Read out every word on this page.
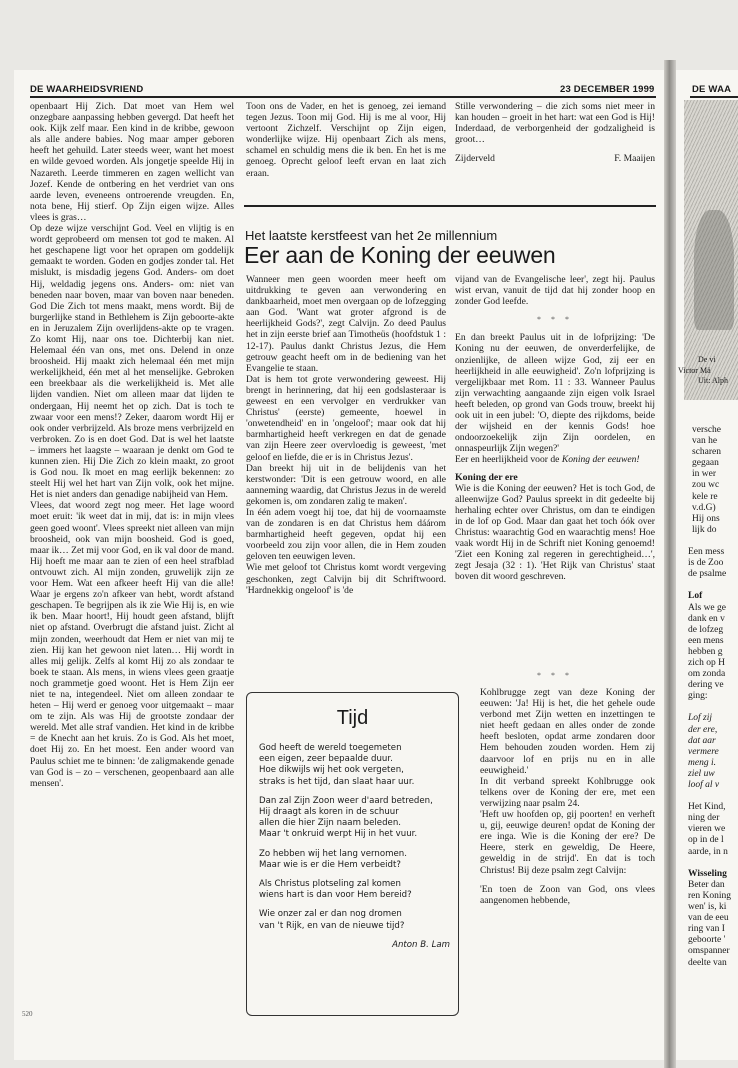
DE WAARHEIDSVRIEND	23 DECEMBER 1999	DE WAA

openbaart Hij Zich. Dat moet van Hem wel onzegbare aanpassing hebben gevergd. Dat heeft het ook. Kijk zelf maar. Een kind in de kribbe, gewoon als alle andere babies. Nog maar amper geboren heeft het gehuild. Later steeds weer, want het moest en wilde gevoed worden. Als jongetje speelde Hij in Nazareth. Leerde timmeren en zagen wellicht van Jozef. Kende de ontbering en het verdriet van ons aarde leven, eveneens ontroerende vreugden. En, nota bene, Hij stierf. Op Zijn eigen wijze. Alles vlees is gras…

Op deze wijze verschijnt God. Veel en vlijtig is en wordt geprobeerd om mensen tot god te maken. Al het geschapene ligt voor het oprapen om goddelijk gemaakt te worden. Goden en godjes zonder tal. Het mislukt, is misdadig jegens God. Anders- om doet Hij, weldadig jegens ons. Anders- om: niet van beneden naar boven, maar van boven naar beneden. God Die Zich tot mens maakt, mens wordt. Bij de burgerlijke stand in Bethlehem is Zijn geboorte-akte en in Jeruzalem Zijn overlijdens-akte op te vragen. Zo komt Hij, naar ons toe. Dichterbij kan niet. Helemaal één van ons, met ons. Delend in onze broosheid. Hij maakt zich helemaal één met mijn werkelijkheid, één met al het menselijke. Gebroken een breekbaar als die werkelijkheid is. Met alle lijden vandien. Niet om alleen maar dat lijden te ondergaan, Hij neemt het op zich. Dat is toch te zwaar voor een mens!? Zeker, daarom wordt Hij er ook onder verbrijzeld. Als broze mens verbrijzeld en verbroken. Zo is en doet God. Dat is wel het laatste – immers het laagste – waaraan je denkt om God te kunnen zien. Hij Die Zich zo klein maakt, zo groot is God nou. Ik moet en mag eerlijk bekennen: zo steelt Hij wel het hart van Zijn volk, ook het mijne. Het is niet anders dan genadige nabijheid van Hem.

Vlees, dat woord zegt nog meer. Het lage woord moet eruit: 'ik weet dat in mij, dat is: in mijn vlees geen goed woont'. Vlees spreekt niet alleen van mijn broosheid, ook van mijn boosheid. God is goed, maar ik… Zet mij voor God, en ik val door de mand. Hij hoeft me maar aan te zien of een heel strafblad ontvouwt zich. Al mijn zonden, gruwelijk zijn ze voor Hem. Wat een afkeer heeft Hij van die alle! Waar je ergens zo'n afkeer van hebt, wordt afstand geschapen. Te begrijpen als ik zie Wie Hij is, en wie ik ben. Maar hoort!, Hij houdt geen afstand, blijft niet op afstand. Overbrugt die afstand juist. Zicht al mijn zonden, weerhoudt dat Hem er niet van mij te zien. Hij kan het gewoon niet laten… Hij wordt in alles mij gelijk. Zelfs al komt Hij zo als zondaar te boek te staan. Als mens, in wiens vlees geen graatje noch grammetje goed woont. Het is Hem Zijn eer niet te na, integendeel. Niet om alleen zondaar te heten – Hij werd er genoeg voor uitgemaakt – maar om te zijn. Als was Hij de grootste zondaar der wereld. Met alle straf vandien. Het kind in de kribbe = de Knecht aan het kruis. Zo is God. Als het moet, doet Hij zo. En het moest. Een ander woord van Paulus schiet me te binnen: 'de zaligmakende genade van God is – zo – verschenen, geopenbaard aan alle mensen'.

Toon ons de Vader, en het is genoeg, zei iemand tegen Jezus. Toon mij God. Hij is me al voor, Hij vertoont Zichzelf. Verschijnt op Zijn eigen, wonderlijke wijze. Hij openbaart Zich als mens, schamel en schuldig mens die ik ben. En het is me genoeg. Oprecht geloof leeft ervan en laat zich eraan.

Stille verwondering – die zich soms niet meer in kan houden – groeit in het hart: wat een God is Hij! Inderdaad, de verborgenheid der godzaligheid is groot…

Zijderveld	F. Maaijen
Het laatste kerstfeest van het 2e millennium
Eer aan de Koning der eeuwen

Wanneer men geen woorden meer heeft om uitdrukking te geven aan verwondering en dankbaarheid, moet men overgaan op de lofzegging aan God. 'Want wat groter afgrond is de heerlijkheid Gods?', zegt Calvijn. Zo deed Paulus het in zijn eerste brief aan Timotheüs (hoofdstuk 1 : 12-17). Paulus dankt Christus Jezus, die Hem getrouw geacht heeft om in de bediening van het Evangelie te staan.

Dat is hem tot grote verwondering geweest. Hij brengt in herinnering, dat hij een godslasteraar is geweest en een vervolger en verdrukker van Christus' (eerste) gemeente, hoewel in 'onwetendheid' en in 'ongeloof'; maar ook dat hij barmhartigheid heeft verkregen en dat de genade van zijn Heere zeer overvloedig is geweest, 'met geloof en liefde, die er is in Christus Jezus'.

Dan breekt hij uit in de belijdenis van het kerstwonder: 'Dit is een getrouw woord, en alle aanneming waardig, dat Christus Jezus in de wereld gekomen is, om zondaren zalig te maken'.

In één adem voegt hij toe, dat hij de voornaamste van de zondaren is en dat Christus hem dáárom barmhartigheid heeft gegeven, opdat hij een voorbeeld zou zijn voor allen, die in Hem zouden geloven ten eeuwigen leven.

Wie met geloof tot Christus komt wordt vergeving geschonken, zegt Calvijn bij dit Schriftwoord. 'Hardnekkig ongeloof' is 'de

vijand van de Evangelische leer', zegt hij. Paulus wist ervan, vanuit de tijd dat hij zonder hoop en zonder God leefde.

* * *

En dan breekt Paulus uit in de lofprijzing: 'De Koning nu der eeuwen, de onverderfelijke, de onzienlijke, de alleen wijze God, zij eer en heerlijkheid in alle eeuwigheid'. Zo'n lofprijzing is vergelijkbaar met Rom. 11 : 33. Wanneer Paulus zijn verwachting aangaande zijn eigen volk Israel heeft beleden, op grond van Gods trouw, breekt hij ook uit in een jubel: 'O, diepte des rijkdoms, beide der wijsheid en der kennis Gods! hoe ondoorzoekelijk zijn Zijn oordelen, en onnaspeurlijk Zijn wegen?'

Eer en heerlijkheid voor de Koning der eeuwen!

Koning der ere

Wie is die Koning der eeuwen? Het is toch God, de alleenwijze God? Paulus spreekt in dit gedeelte bij herhaling echter over Christus, om dan te eindigen in de lof op God. Maar dan gaat het toch óók over Christus: waarachtig God en waarachtig mens! Hoe vaak wordt Hij in de Schrift niet Koning genoemd! 'Ziet een Koning zal regeren in gerechtigheid…', zegt Jesaja (32 : 1). 'Het Rijk van Christus' staat boven dit woord geschreven.

* * *
Tijd
God heeft de wereld toegemeten
een eigen, zeer bepaalde duur.
Hoe dikwijls wij het ook vergeten,
straks is het tijd, dan slaat haar uur.
Dan zal Zijn Zoon weer d'aard betreden,
Hij draagt als koren in de schuur
allen die hier Zijn naam beleden.
Maar 't onkruid werpt Hij in het vuur.
Zo hebben wij het lang vernomen.
Maar wie is er die Hem verbeidt?
Als Christus plotseling zal komen
wiens hart is dan voor Hem bereid?
Wie onzer zal er dan nog dromen
van 't Rijk, en van de nieuwe tijd?
Anton B. Lam

Kohlbrugge zegt van deze Koning der eeuwen: 'Ja! Hij is het, die het gehele oude verbond met Zijn wetten en inzettingen te niet heeft gedaan en alles onder de zonde heeft besloten, opdat arme zondaren door Hem behouden zouden worden. Hem zij daarvoor lof en prijs nu en in alle eeuwigheid.'

In dit verband spreekt Kohlbrugge ook telkens over de Koning der ere, met een verwijzing naar psalm 24.

'Heft uw hoofden op, gij poorten! en verheft u, gij, eeuwige deuren! opdat de Koning der ere inga. Wie is die Koning der ere? De Heere, sterk en geweldig, De Heere, geweldig in de strijd'. En dat is toch Christus! Bij deze psalm zegt Calvijn:

'En toen de Zoon van God, ons vlees aangenomen hebbende,

520
De vi
Victor Mä
Uit: Alph
versche
van he
scharen
gegaan
in wer
zou wc
kele re
v.d.G)
Hij ons
lijk do
Een mess
is de Zoo
de psalme
Lof
Als we ge
dank en v
de lofzeg
een mens
hebben g
zich op H
om zonda
dering ve
ging:
Lof zij
der ere,
dat aar
vermere
meng i.
ziel uw
loof al v
Het Kind,
ning der
vieren we
op in de l
aarde, in n
Wisseling
Beter dan
ren Koning
wen' is, ki
van de eeu
ring van I
geboorte '
omspanner
deelte van
